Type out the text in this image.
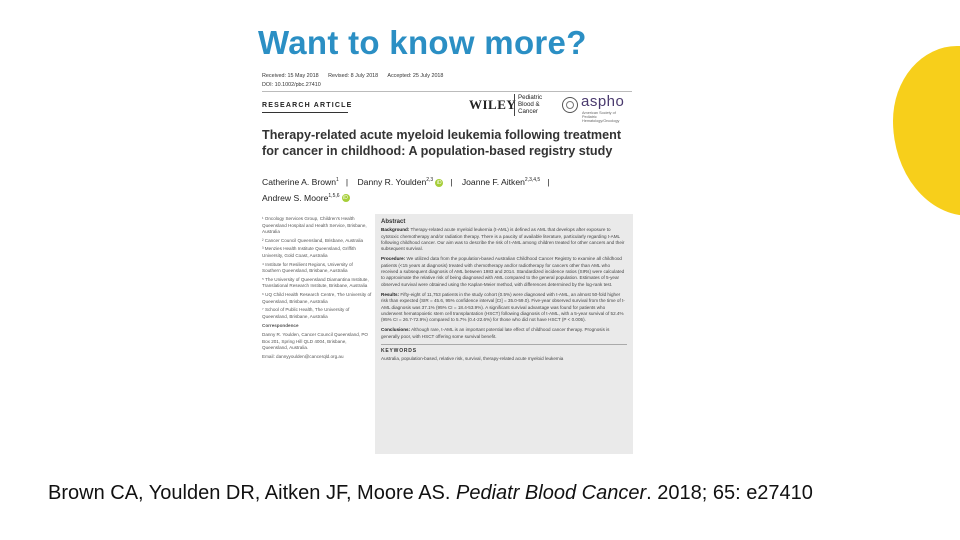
Want to know more?
Received: 15 May 2018 Revised: 8 July 2018 Accepted: 25 July 2018
DOI: 10.1002/pbc.27410
RESEARCH ARTICLE	WILEY Pediatric
Blood &
Cancer
aspho
American Society of Pediatric Hematology/Oncology
Therapy-related acute myeloid leukemia following treatment for cancer in childhood: A population-based registry study
Catherine A. Brown$^1$ | Danny R. Youlden$^{2,3}$ iD | Joanne F. Aitken$^{2,3,4,5}$ |
Andrew S. Moore$^{1,5,6}$ iD

¹ Oncology Services Group, Children's Health Queensland Hospital and Health Service, Brisbane, Australia

² Cancer Council Queensland, Brisbane, Australia

³ Menzies Health Institute Queensland, Griffith University, Gold Coast, Australia

⁴ Institute for Resilient Regions, University of Southern Queensland, Brisbane, Australia

⁵ The University of Queensland Diamantina Institute, Translational Research Institute, Brisbane, Australia

⁶ UQ Child Health Research Centre, The University of Queensland, Brisbane, Australia

⁷ School of Public Health, The University of Queensland, Brisbane, Australia

Correspondence

Danny R. Youlden, Cancer Council Queensland, PO Box 201, Spring Hill QLD 4004, Brisbane, Queensland, Australia.

Email: dannyyoulden@cancerqld.org.au

Abstract

Background: Therapy-related acute myeloid leukemia (t-AML) is defined as AML that develops after exposure to cytotoxic chemotherapy and/or radiation therapy. There is a paucity of available literature, particularly regarding t-AML following childhood cancer. Our aim was to describe the risk of t-AML among children treated for other cancers and their subsequent survival.

Procedure: We utilized data from the population-based Australian Childhood Cancer Registry to examine all childhood patients (<15 years at diagnosis) treated with chemotherapy and/or radiotherapy for cancers other than AML who received a subsequent diagnosis of AML between 1983 and 2014. Standardized incidence ratios (SIRs) were calculated to approximate the relative risk of being diagnosed with AML compared to the general population. Estimates of 5-year observed survival were obtained using the Kaplan-Meier method, with differences determined by the log-rank test.

Results: Fifty-eight of 11,753 patients in the study cohort (0.5%) were diagnosed with t-AML, an almost 50-fold higher risk than expected (SIR = 45.6, 95% confidence interval [CI] = 35.0-59.0). Five-year observed survival from the time of t-AML diagnosis was 37.1% (95% CI = 18.4-53.9%). A significant survival advantage was found for patients who underwent hematopoietic stem cell transplantation (HSCT) following diagnosis of t-AML, with a 5-year survival of 52.4% (95% CI = 26.7-72.9%) compared to 5.7% (0.4-22.6%) for those who did not have HSCT (P < 0.005).

Conclusions: Although rare, t-AML is an important potential late effect of childhood cancer therapy. Prognosis is generally poor, with HSCT offering some survival benefit.

KEYWORDS
Australia, population-based, relative risk, survival, therapy-related acute myeloid leukemia
Brown CA, Youlden DR, Aitken JF, Moore AS. Pediatr Blood Cancer. 2018; 65: e27410
